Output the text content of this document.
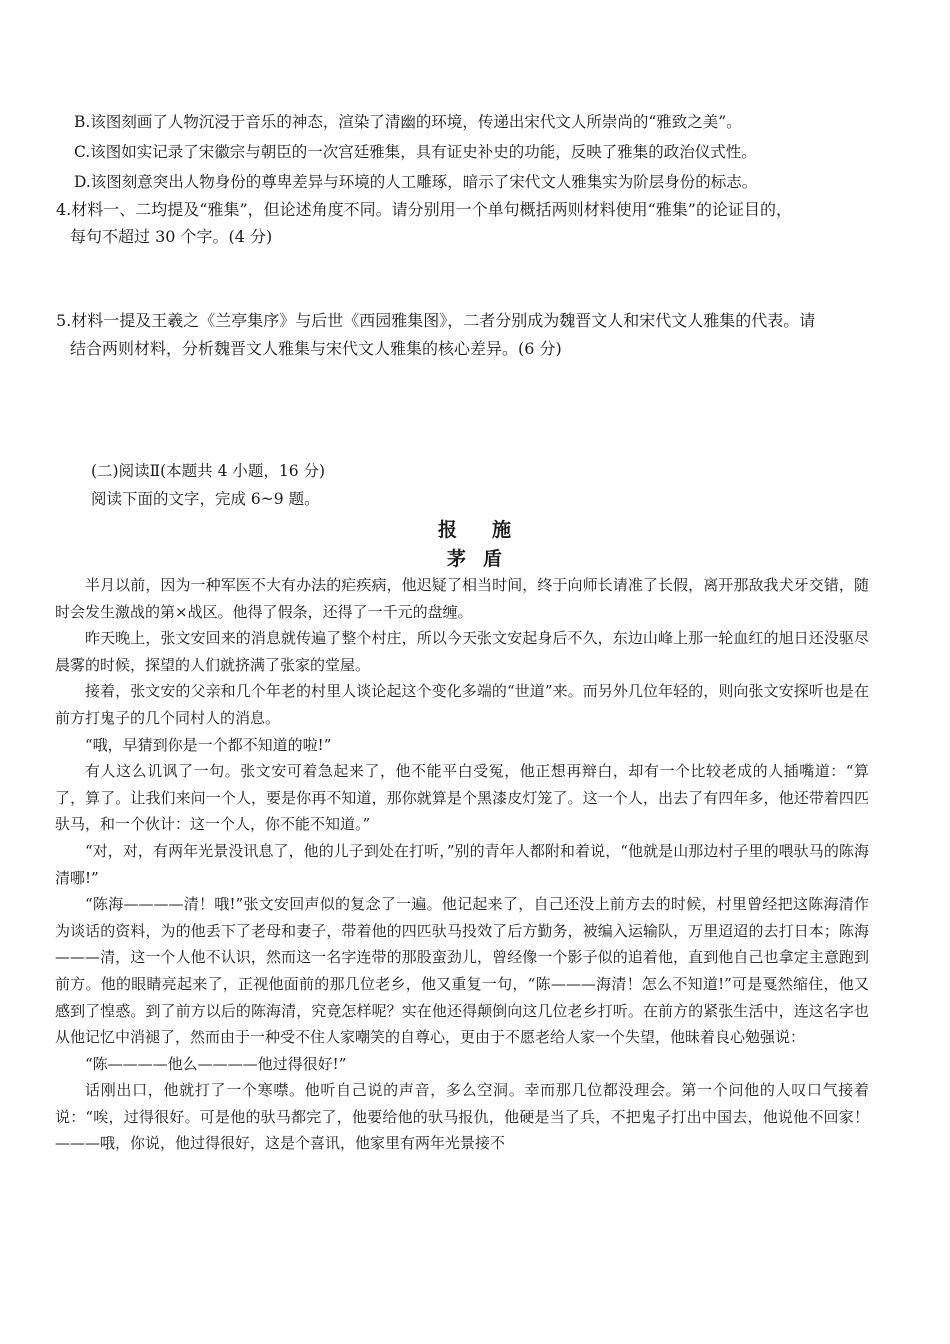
B.该图刻画了人物沉浸于音乐的神态，渲染了清幽的环境，传递出宋代文人所崇尚的“雅致之美”。
C.该图如实记录了宋徽宗与朝臣的一次宫廷雅集，具有证史补史的功能，反映了雅集的政治仪式性。
D.该图刻意突出人物身份的尊卑差异与环境的人工雕琢，暗示了宋代文人雅集实为阶层身份的标志。
4.材料一、二均提及“雅集”，但论述角度不同。请分别用一个单句概括两则材料使用“雅集”的论证目的，
每句不超过 30 个字。(4 分)
5.材料一提及王羲之《兰亭集序》与后世《西园雅集图》，二者分别成为魏晋文人和宋代文人雅集的代表。请
结合两则材料，分析魏晋文人雅集与宋代文人雅集的核心差异。(6 分)
(二)阅读Ⅱ(本题共 4 小题，16 分)
阅读下面的文字，完成 6~9 题。
报 施
茅 盾

半月以前，因为一种军医不大有办法的疟疾病，他迟疑了相当时间，终于向师长请准了长假，离开那敌我犬牙交错，随时会发生激战的第×战区。他得了假条，还得了一千元的盘缠。

昨天晚上，张文安回来的消息就传遍了整个村庄，所以今天张文安起身后不久，东边山峰上那一轮血红的旭日还没驱尽晨雾的时候，探望的人们就挤满了张家的堂屋。

接着，张文安的父亲和几个年老的村里人谈论起这个变化多端的“世道”来。而另外几位年轻的，则向张文安探听也是在前方打鬼子的几个同村人的消息。

“哦，早猜到你是一个都不知道的啦!”

有人这么讥讽了一句。张文安可着急起来了，他不能平白受冤，他正想再辩白，却有一个比较老成的人插嘴道：“算了，算了。让我们来问一个人，要是你再不知道，那你就算是个黑漆皮灯笼了。这一个人，出去了有四年多，他还带着四匹驮马，和一个伙计：这一个人，你不能不知道。”

“对，对，有两年光景没讯息了，他的儿子到处在打听，”别的青年人都附和着说，“他就是山那边村子里的喂驮马的陈海清哪!”

“陈海————清！哦!”张文安回声似的复念了一遍。他记起来了，自己还没上前方去的时候，村里曾经把这陈海清作为谈话的资料，为的他丢下了老母和妻子，带着他的四匹驮马投效了后方勤务，被编入运输队，万里迢迢的去打日本；陈海———清，这一个人他不认识，然而这一名字连带的那股蛮劲儿，曾经像一个影子似的追着他，直到他自己也拿定主意跑到前方。他的眼睛亮起来了，正视他面前的那几位老乡，他又重复一句，“陈———海清！怎么不知道!”可是戛然缩住，他又感到了惶惑。到了前方以后的陈海清，究竟怎样呢？实在他还得颠倒向这几位老乡打听。在前方的紧张生活中，连这名字也从他记忆中消褪了，然而由于一种受不住人家嘲笑的自尊心，更由于不愿老给人家一个失望，他昧着良心勉强说：

“陈————他么————他过得很好!”

话刚出口，他就打了一个寒噤。他听自己说的声音，多么空洞。幸而那几位都没理会。第一个问他的人叹口气接着说：“唉，过得很好。可是他的驮马都完了，他要给他的驮马报仇，他硬是当了兵，不把鬼子打出中国去，他说他不回家！———哦，你说，他过得很好，这是个喜讯，他家里有两年光景接不
